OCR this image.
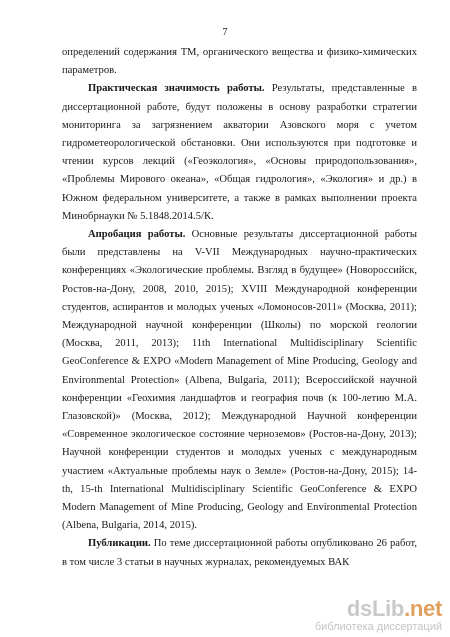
7

определений содержания ТМ, органического вещества и физико-химических параметров.

Практическая значимость работы. Результаты, представленные в диссертационной работе, будут положены в основу разработки стратегии мониторинга за загрязнением акватории Азовского моря с учетом гидрометеорологической обстановки. Они используются при подготовке и чтении курсов лекций («Геоэкология», «Основы природопользования», «Проблемы Мирового океана», «Общая гидрология», «Экология» и др.) в Южном федеральном университете, а также в рамках выполнении проекта Минобрнауки № 5.1848.2014.5/К.

Апробация работы. Основные результаты диссертационной работы были представлены на V-VII Международных научно-практических конференциях «Экологические проблемы. Взгляд в будущее» (Новороссийск, Ростов-на-Дону, 2008, 2010, 2015); XVIII Международной конференции студентов, аспирантов и молодых ученых «Ломоносов-2011» (Москва, 2011); Международной научной конференции (Школы) по морской геологии (Москва, 2011, 2013); 11th International Multidisciplinary Scientific GeoConference & EXPO «Modern Management of Mine Producing, Geology and Environmental Protection» (Albena, Bulgaria, 2011); Всероссийской научной конференции «Геохимия ландшафтов и география почв (к 100-летию М.А. Глазовской)» (Москва, 2012); Международной Научной конференции «Современное экологическое состояние черноземов» (Ростов-на-Дону, 2013); Научной конференции студентов и молодых ученых с международным участием «Актуальные проблемы наук о Земле» (Ростов-на-Дону, 2015); 14-th, 15-th International Multidisciplinary Scientific GeoConference & EXPO Modern Management of Mine Producing, Geology and Environmental Protection (Albena, Bulgaria, 2014, 2015).

Публикации. По теме диссертационной работы опубликовано 26 работ, в том числе 3 статьи в научных журналах, рекомендуемых ВАК

dsLib.net
библиотека диссертаций
